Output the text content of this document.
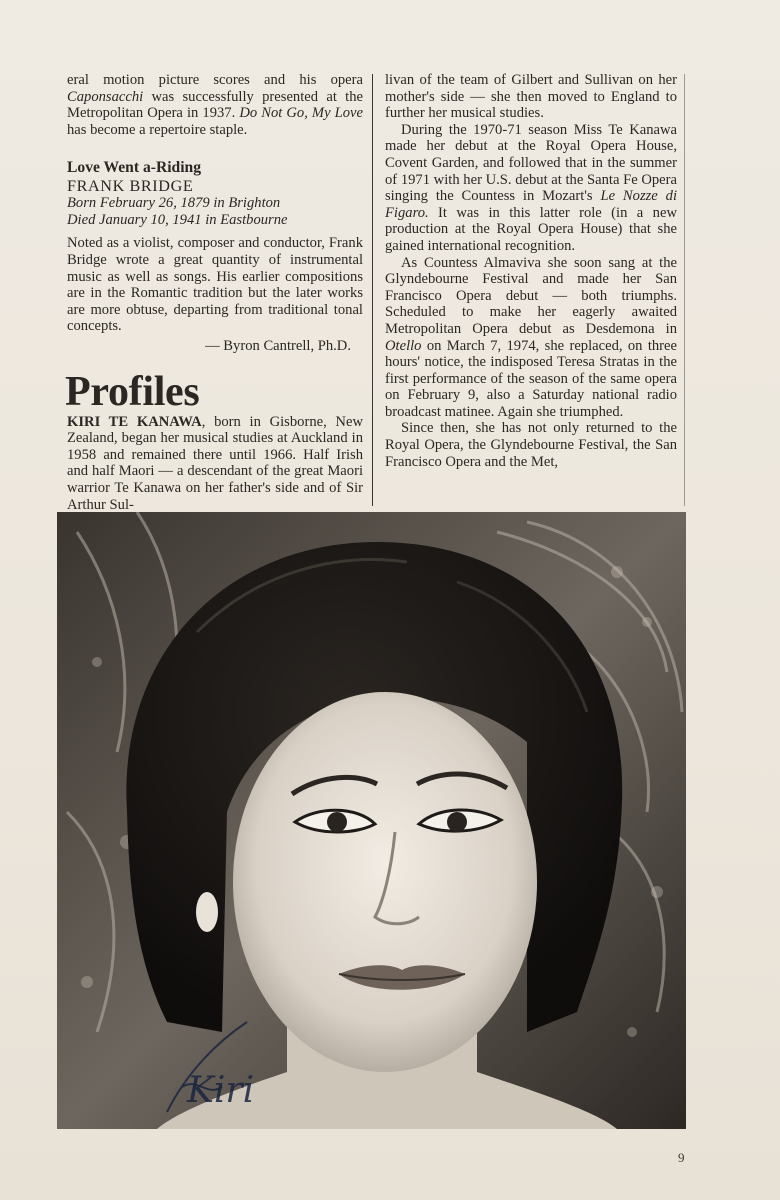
eral motion picture scores and his opera Caponsacchi was successfully presented at the Metropolitan Opera in 1937. Do Not Go, My Love has become a repertoire staple.

Love Went a-Riding
FRANK BRIDGE
Born February 26, 1879 in Brighton
Died January 10, 1941 in Eastbourne

Noted as a violist, composer and conductor, Frank Bridge wrote a great quantity of instrumental music as well as songs. His earlier compositions are in the Romantic tradition but the later works are more obtuse, departing from traditional tonal concepts.

— Byron Cantrell, Ph.D.
Profiles

KIRI TE KANAWA, born in Gisborne, New Zealand, began her musical studies at Auckland in 1958 and remained there until 1966. Half Irish and half Maori — a descendant of the great Maori warrior Te Kanawa on her father's side and of Sir Arthur Sul-

livan of the team of Gilbert and Sullivan on her mother's side — she then moved to England to further her musical studies.

During the 1970-71 season Miss Te Kanawa made her debut at the Royal Opera House, Covent Garden, and followed that in the summer of 1971 with her U.S. debut at the Santa Fe Opera singing the Countess in Mozart's Le Nozze di Figaro. It was in this latter role (in a new production at the Royal Opera House) that she gained international recognition.

As Countess Almaviva she soon sang at the Glyndebourne Festival and made her San Francisco Opera debut — both triumphs. Scheduled to make her eagerly awaited Metropolitan Opera debut as Desdemona in Otello on March 7, 1974, she replaced, on three hours' notice, the indisposed Teresa Stratas in the first performance of the season of the same opera on February 9, also a Saturday national radio broadcast matinee. Again she triumphed.

Since then, she has not only returned to the Royal Opera, the Glyndebourne Festival, the San Francisco Opera and the Met,

Kiri
9
